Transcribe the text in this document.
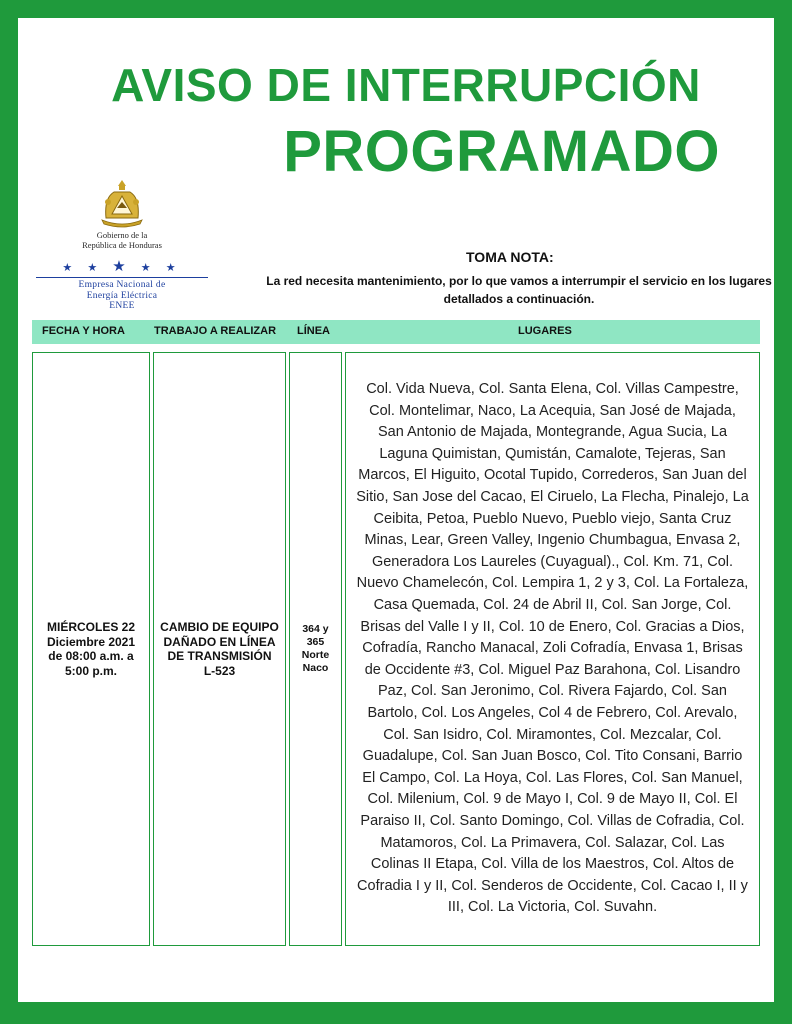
AVISO DE INTERRUPCIÓN
PROGRAMADO
Gobierno de la
República de Honduras
★ ★ ★ ★ ★
Empresa Nacional de
Energía Eléctrica
ENEE
TOMA NOTA:
La red necesita mantenimiento, por lo que vamos a interrumpir el servicio en los lugares detallados a continuación.
FECHA Y HORA	TRABAJO A REALIZAR LÍNEA	LUGARES
MIÉRCOLES 22
Diciembre 2021
de 08:00 a.m. a
5:00 p.m.
CAMBIO DE EQUIPO
DAÑADO EN LÍNEA
DE TRANSMISIÓN
L-523
364 y
365
Norte
Naco
Col. Vida Nueva, Col. Santa Elena, Col. Villas Campestre, Col. Montelimar, Naco, La Acequia, San José de Majada, San Antonio de Majada, Montegrande, Agua Sucia, La Laguna Quimistan, Qumistán, Camalote, Tejeras, San Marcos, El Higuito, Ocotal Tupido, Correderos, San Juan del Sitio, San Jose del Cacao, El Ciruelo, La Flecha, Pinalejo, La Ceibita, Petoa, Pueblo Nuevo, Pueblo viejo, Santa Cruz Minas, Lear, Green Valley, Ingenio Chumbagua, Envasa 2, Generadora Los Laureles (Cuyagual)., Col. Km. 71, Col. Nuevo Chamelecón, Col. Lempira 1, 2 y 3, Col. La Fortaleza, Casa Quemada, Col. 24 de Abril II, Col. San Jorge, Col. Brisas del Valle I y II, Col. 10 de Enero, Col. Gracias a Dios, Cofradía, Rancho Manacal, Zoli Cofradía, Envasa 1, Brisas de Occidente #3, Col. Miguel Paz Barahona, Col. Lisandro Paz, Col. San Jeronimo, Col. Rivera Fajardo, Col. San Bartolo, Col. Los Angeles, Col 4 de Febrero, Col. Arevalo, Col. San Isidro, Col. Miramontes, Col. Mezcalar, Col. Guadalupe, Col. San Juan Bosco, Col. Tito Consani, Barrio El Campo, Col. La Hoya, Col. Las Flores, Col. San Manuel, Col. Milenium, Col. 9 de Mayo I, Col. 9 de Mayo II, Col. El Paraiso II, Col. Santo Domingo, Col. Villas de Cofradia, Col. Matamoros, Col. La Primavera, Col. Salazar, Col. Las Colinas II Etapa, Col. Villa de los Maestros, Col. Altos de Cofradia I y II, Col. Senderos de Occidente, Col. Cacao I, II y III, Col. La Victoria, Col. Suvahn.
